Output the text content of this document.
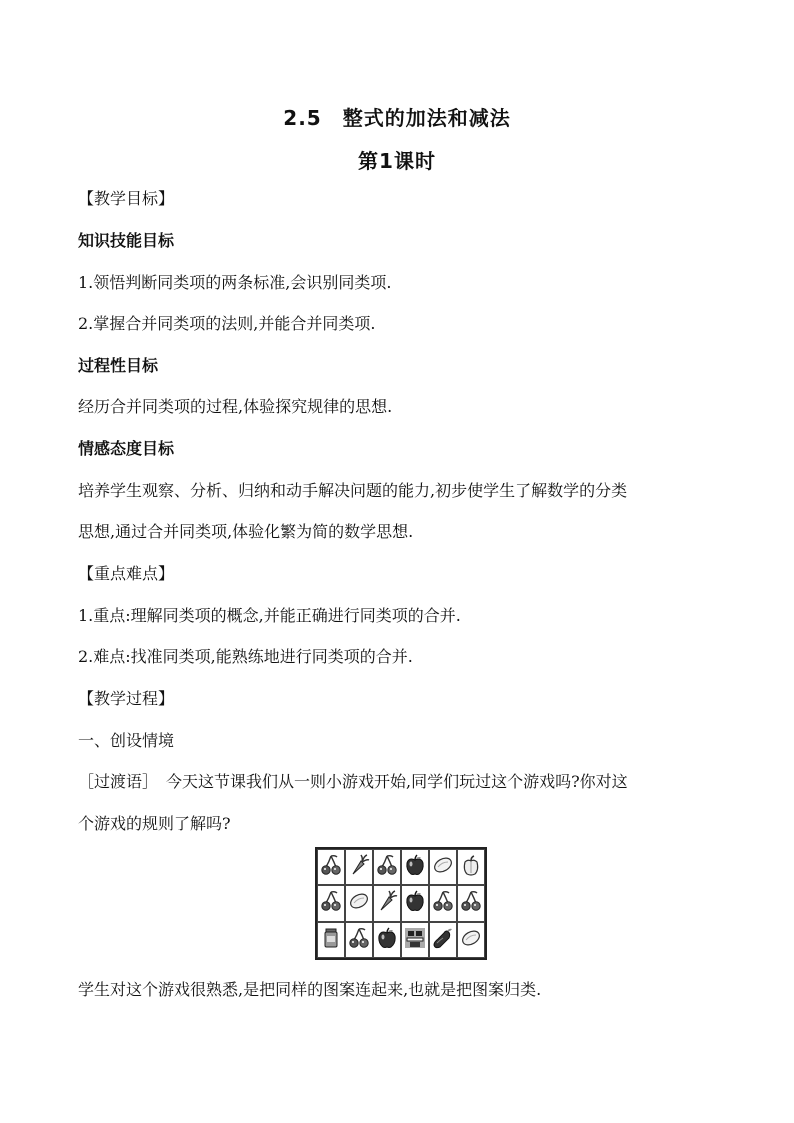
2.5　整式的加法和减法
第1课时
【教学目标】
知识技能目标
1.领悟判断同类项的两条标准,会识别同类项.
2.掌握合并同类项的法则,并能合并同类项.
过程性目标
经历合并同类项的过程,体验探究规律的思想.
情感态度目标
培养学生观察、分析、归纳和动手解决问题的能力,初步使学生了解数学的分类
思想,通过合并同类项,体验化繁为简的数学思想.
【重点难点】
1.重点:理解同类项的概念,并能正确进行同类项的合并.
2.难点:找准同类项,能熟练地进行同类项的合并.
【教学过程】
一、创设情境
［过渡语］　今天这节课我们从一则小游戏开始,同学们玩过这个游戏吗?你对这
个游戏的规则了解吗?
学生对这个游戏很熟悉,是把同样的图案连起来,也就是把图案归类.
